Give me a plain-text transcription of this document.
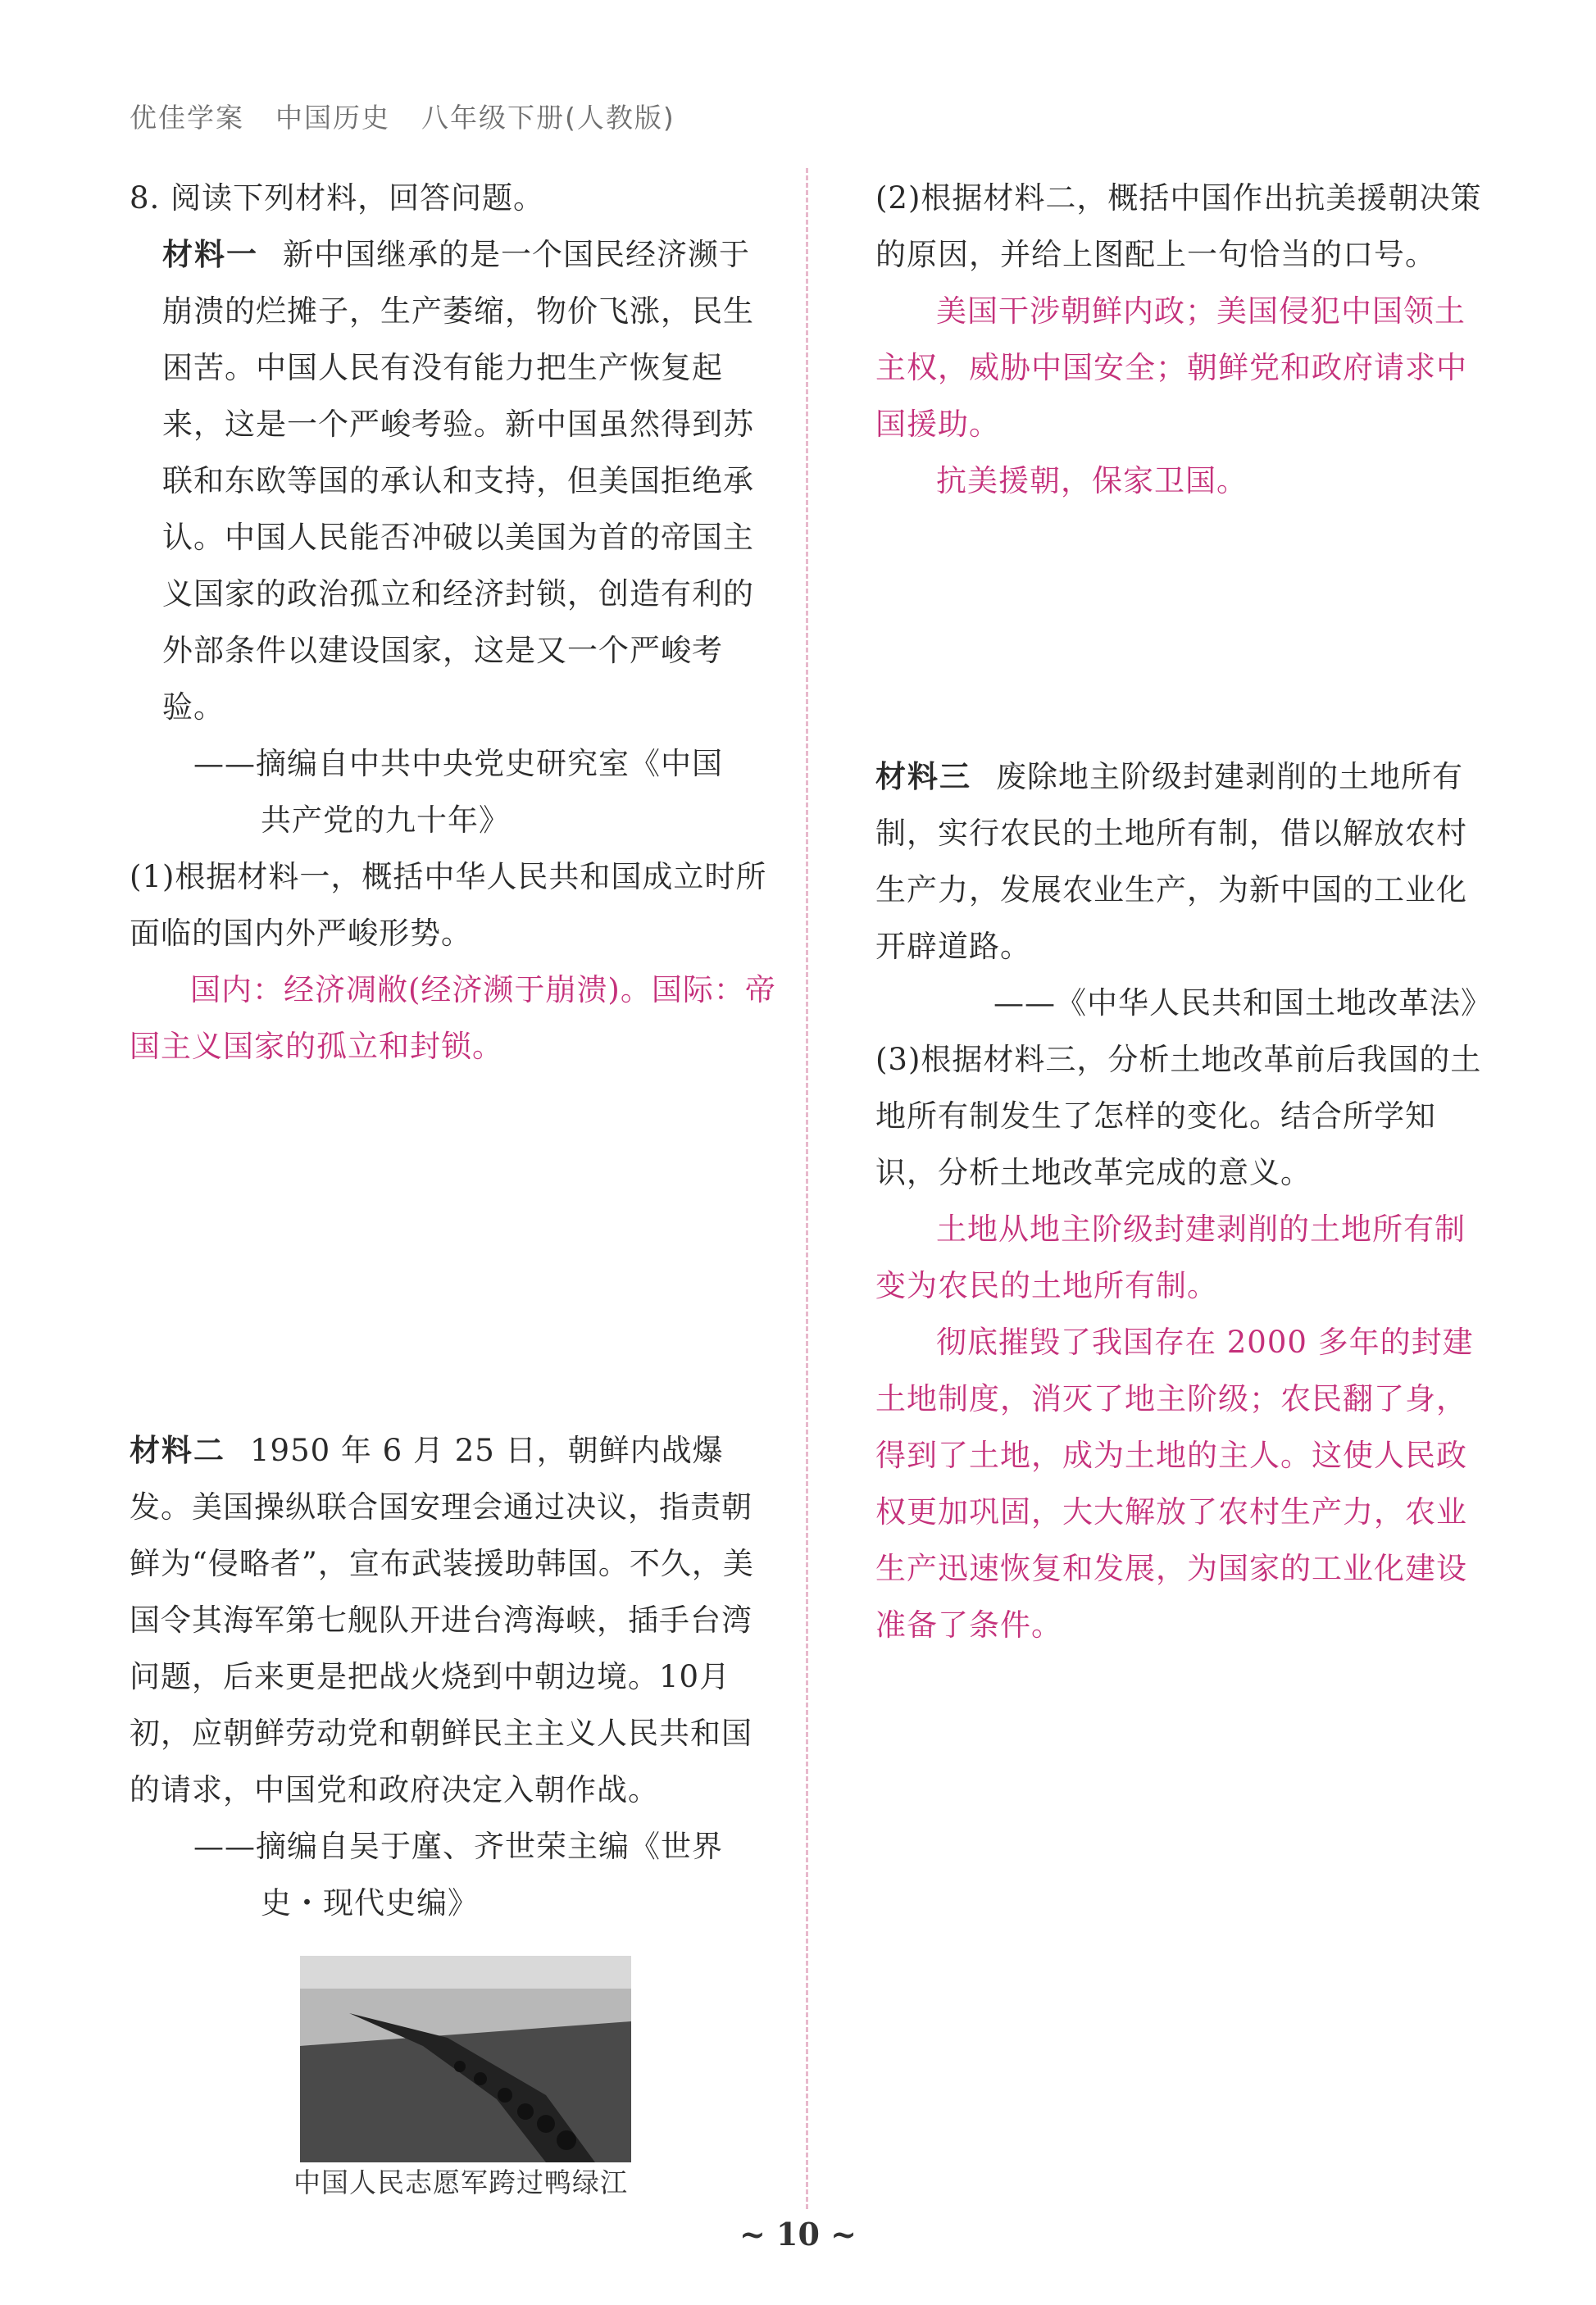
优佳学案 中国历史 八年级下册(人教版)

8. 阅读下列材料，回答问题。

材料一 新中国继承的是一个国民经济濒于崩溃的烂摊子，生产萎缩，物价飞涨，民生困苦。中国人民有没有能力把生产恢复起来，这是一个严峻考验。新中国虽然得到苏联和东欧等国的承认和支持，但美国拒绝承认。中国人民能否冲破以美国为首的帝国主义国家的政治孤立和经济封锁，创造有利的外部条件以建设国家，这是又一个严峻考验。

——摘编自中共中央党史研究室《中国
共产党的九十年》

(1)根据材料一，概括中华人民共和国成立时所面临的国内外严峻形势。

国内：经济凋敝(经济濒于崩溃)。国际：帝国主义国家的孤立和封锁。

材料二 1950 年 6 月 25 日，朝鲜内战爆发。美国操纵联合国安理会通过决议，指责朝鲜为“侵略者”，宣布武装援助韩国。不久，美国令其海军第七舰队开进台湾海峡，插手台湾问题，后来更是把战火烧到中朝边境。10月初，应朝鲜劳动党和朝鲜民主主义人民共和国的请求，中国党和政府决定入朝作战。

——摘编自吴于廑、齐世荣主编《世界
史・现代史编》

中国人民志愿军跨过鸭绿江

(2)根据材料二，概括中国作出抗美援朝决策的原因，并给上图配上一句恰当的口号。

美国干涉朝鲜内政；美国侵犯中国领土主权，威胁中国安全；朝鲜党和政府请求中国援助。

抗美援朝，保家卫国。

材料三 废除地主阶级封建剥削的土地所有制，实行农民的土地所有制，借以解放农村生产力，发展农业生产，为新中国的工业化开辟道路。

——《中华人民共和国土地改革法》

(3)根据材料三，分析土地改革前后我国的土地所有制发生了怎样的变化。结合所学知识，分析土地改革完成的意义。

土地从地主阶级封建剥削的土地所有制变为农民的土地所有制。

彻底摧毁了我国存在 2000 多年的封建土地制度，消灭了地主阶级；农民翻了身，得到了土地，成为土地的主人。这使人民政权更加巩固，大大解放了农村生产力，农业生产迅速恢复和发展，为国家的工业化建设准备了条件。

~ 10 ~
